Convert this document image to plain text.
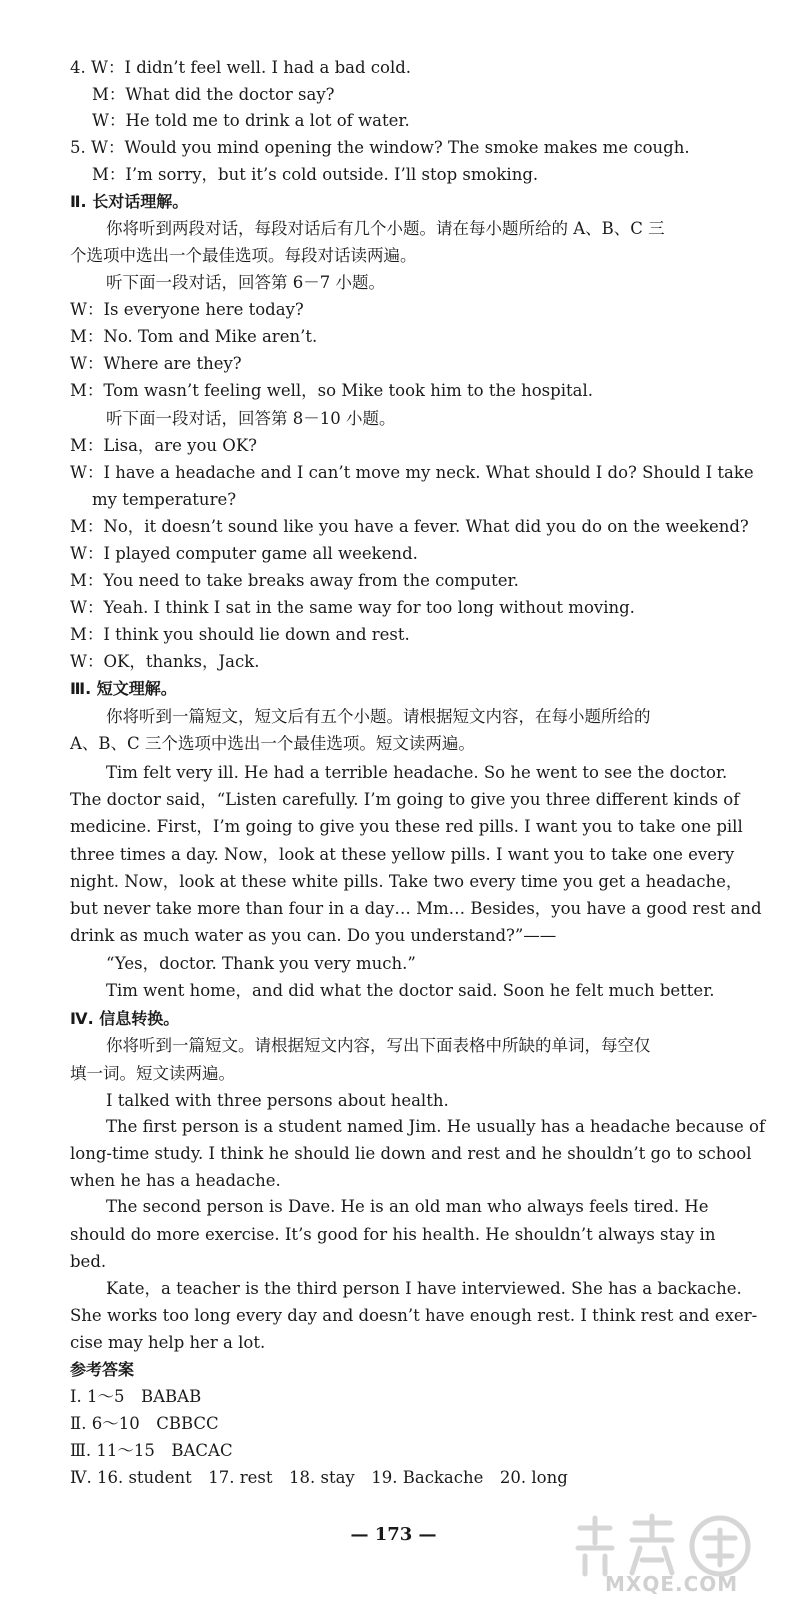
4. W：I didn’t feel well. I had a bad cold.
M：What did the doctor say?
W：He told me to drink a lot of water.
5. W：Would you mind opening the window? The smoke makes me cough.
M：I’m sorry，but it’s cold outside. I’ll stop smoking.
Ⅱ. 长对话理解。
你将听到两段对话，每段对话后有几个小题。请在每小题所给的 A、B、C 三
个选项中选出一个最佳选项。每段对话读两遍。
听下面一段对话，回答第 6－7 小题。
W：Is everyone here today?
M：No. Tom and Mike aren’t.
W：Where are they?
M：Tom wasn’t feeling well，so Mike took him to the hospital.
听下面一段对话，回答第 8－10 小题。
M：Lisa，are you OK?
W：I have a headache and I can’t move my neck. What should I do? Should I take
my temperature?
M：No，it doesn’t sound like you have a fever. What did you do on the weekend?
W：I played computer game all weekend.
M：You need to take breaks away from the computer.
W：Yeah. I think I sat in the same way for too long without moving.
M：I think you should lie down and rest.
W：OK，thanks，Jack.
Ⅲ. 短文理解。
你将听到一篇短文，短文后有五个小题。请根据短文内容，在每小题所给的
A、B、C 三个选项中选出一个最佳选项。短文读两遍。
Tim felt very ill. He had a terrible headache. So he went to see the doctor.
The doctor said，“Listen carefully. I’m going to give you three different kinds of
medicine. First，I’m going to give you these red pills. I want you to take one pill
three times a day. Now，look at these yellow pills. I want you to take one every
night. Now，look at these white pills. Take two every time you get a headache，
but never take more than four in a day… Mm… Besides，you have a good rest and
drink as much water as you can. Do you understand?”——
“Yes，doctor. Thank you very much.”
Tim went home，and did what the doctor said. Soon he felt much better.
Ⅳ. 信息转换。
你将听到一篇短文。请根据短文内容，写出下面表格中所缺的单词，每空仅
填一词。短文读两遍。
I talked with three persons about health.
The first person is a student named Jim. He usually has a headache because of
long-time study. I think he should lie down and rest and he shouldn’t go to school
when he has a headache.
The second person is Dave. He is an old man who always feels tired. He
should do more exercise. It’s good for his health. He shouldn’t always stay in
bed.
Kate，a teacher is the third person I have interviewed. She has a backache.
She works too long every day and doesn’t have enough rest. I think rest and exer-
cise may help her a lot.
参考答案
Ⅰ. 1～5　BABAB
Ⅱ. 6～10　CBBCC
Ⅲ. 11～15　BACAC
Ⅳ. 16. student　17. rest　18. stay　19. Backache　20. long
— 173 —
MXQE.COM
